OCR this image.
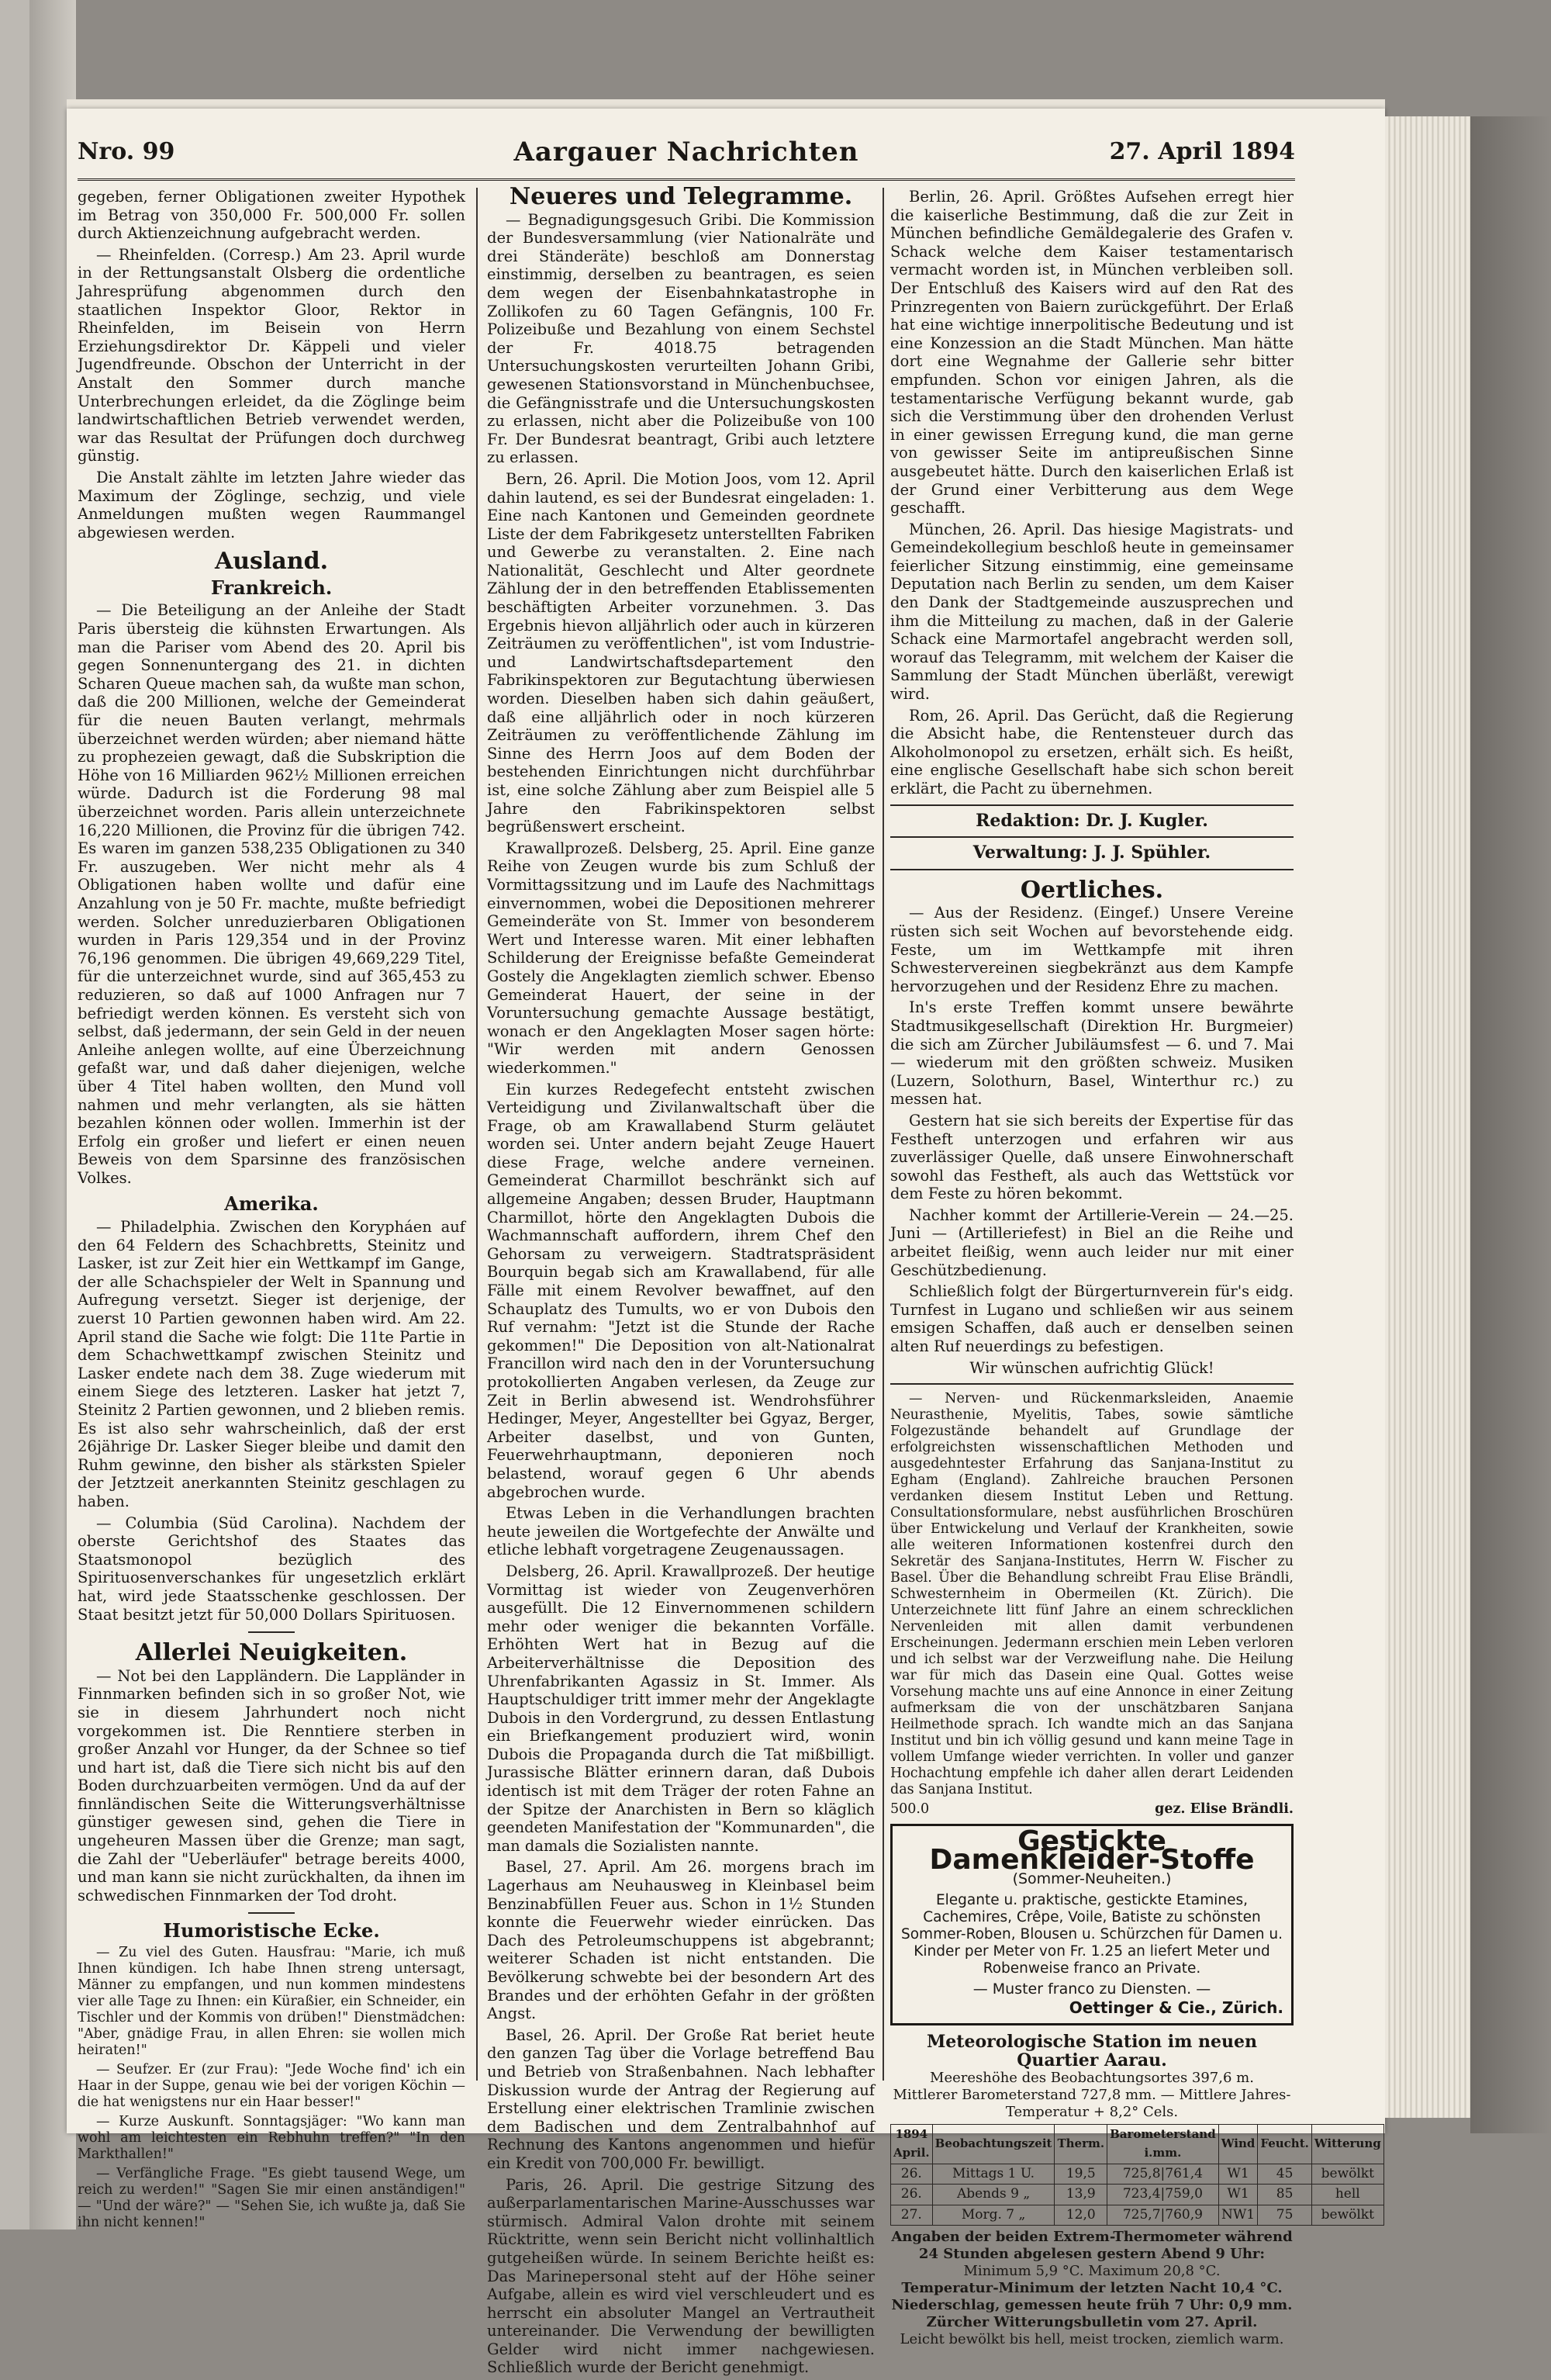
Nro. 99	Aargauer Nachrichten	27. April 1894

gegeben, ferner Obligationen zweiter Hypothek im Betrag von 350,000 Fr. 500,000 Fr. sollen durch Aktienzeichnung aufgebracht werden.

— Rheinfelden. (Corresp.) Am 23. April wurde in der Rettungsanstalt Olsberg die ordentliche Jahresprüfung abgenommen durch den staatlichen Inspektor Gloor, Rektor in Rheinfelden, im Beisein von Herrn Erziehungsdirektor Dr. Käppeli und vieler Jugendfreunde. Obschon der Unterricht in der Anstalt den Sommer durch manche Unterbrechungen erleidet, da die Zöglinge beim landwirtschaftlichen Betrieb verwendet werden, war das Resultat der Prüfungen doch durchweg günstig.

Die Anstalt zählte im letzten Jahre wieder das Maximum der Zöglinge, sechzig, und viele Anmeldungen mußten wegen Raummangel abgewiesen werden.

Ausland.
Frankreich.

— Die Beteiligung an der Anleihe der Stadt Paris übersteig die kühnsten Erwartungen. Als man die Pariser vom Abend des 20. April bis gegen Sonnenuntergang des 21. in dichten Scharen Queue machen sah, da wußte man schon, daß die 200 Millionen, welche der Gemeinderat für die neuen Bauten verlangt, mehrmals überzeichnet werden würden; aber niemand hätte zu prophezeien gewagt, daß die Subskription die Höhe von 16 Milliarden 962½ Millionen erreichen würde. Dadurch ist die Forderung 98 mal überzeichnet worden. Paris allein unterzeichnete 16,220 Millionen, die Provinz für die übrigen 742. Es waren im ganzen 538,235 Obligationen zu 340 Fr. auszugeben. Wer nicht mehr als 4 Obligationen haben wollte und dafür eine Anzahlung von je 50 Fr. machte, mußte befriedigt werden. Solcher unreduzierbaren Obligationen wurden in Paris 129,354 und in der Provinz 76,196 genommen. Die übrigen 49,669,229 Titel, für die unterzeichnet wurde, sind auf 365,453 zu reduzieren, so daß auf 1000 Anfragen nur 7 befriedigt werden können. Es versteht sich von selbst, daß jedermann, der sein Geld in der neuen Anleihe anlegen wollte, auf eine Überzeichnung gefaßt war, und daß daher diejenigen, welche über 4 Titel haben wollten, den Mund voll nahmen und mehr verlangten, als sie hätten bezahlen können oder wollen. Immerhin ist der Erfolg ein großer und liefert er einen neuen Beweis von dem Sparsinne des französischen Volkes.

Amerika.

— Philadelphia. Zwischen den Korypháen auf den 64 Feldern des Schachbretts, Steinitz und Lasker, ist zur Zeit hier ein Wettkampf im Gange, der alle Schachspieler der Welt in Spannung und Aufregung versetzt. Sieger ist derjenige, der zuerst 10 Partien gewonnen haben wird. Am 22. April stand die Sache wie folgt: Die 11te Partie in dem Schachwettkampf zwischen Steinitz und Lasker endete nach dem 38. Zuge wiederum mit einem Siege des letzteren. Lasker hat jetzt 7, Steinitz 2 Partien gewonnen, und 2 blieben remis. Es ist also sehr wahrscheinlich, daß der erst 26jährige Dr. Lasker Sieger bleibe und damit den Ruhm gewinne, den bisher als stärksten Spieler der Jetztzeit anerkannten Steinitz geschlagen zu haben.

— Columbia (Süd Carolina). Nachdem der oberste Gerichtshof des Staates das Staatsmonopol bezüglich des Spirituosenverschankes für ungesetzlich erklärt hat, wird jede Staatsschenke geschlossen. Der Staat besitzt jetzt für 50,000 Dollars Spirituosen.

Allerlei Neuigkeiten.

— Not bei den Lappländern. Die Lappländer in Finnmarken befinden sich in so großer Not, wie sie in diesem Jahrhundert noch nicht vorgekommen ist. Die Renntiere sterben in großer Anzahl vor Hunger, da der Schnee so tief und hart ist, daß die Tiere sich nicht bis auf den Boden durchzuarbeiten vermögen. Und da auf der finnländischen Seite die Witterungsverhältnisse günstiger gewesen sind, gehen die Tiere in ungeheuren Massen über die Grenze; man sagt, die Zahl der "Ueberläufer" betrage bereits 4000, und man kann sie nicht zurückhalten, da ihnen im schwedischen Finnmarken der Tod droht.

Humoristische Ecke.

— Zu viel des Guten. Hausfrau: "Marie, ich muß Ihnen kündigen. Ich habe Ihnen streng untersagt, Männer zu empfangen, und nun kommen mindestens vier alle Tage zu Ihnen: ein Küraßier, ein Schneider, ein Tischler und der Kommis von drüben!" Dienstmädchen: "Aber, gnädige Frau, in allen Ehren: sie wollen mich heiraten!"

— Seufzer. Er (zur Frau): "Jede Woche find' ich ein Haar in der Suppe, genau wie bei der vorigen Köchin — die hat wenigstens nur ein Haar besser!"

— Kurze Auskunft. Sonntagsjäger: "Wo kann man wohl am leichtesten ein Rebhuhn treffen?" "In den Markthallen!"

— Verfängliche Frage. "Es giebt tausend Wege, um reich zu werden!" "Sagen Sie mir einen anständigen!" — "Und der wäre?" — "Sehen Sie, ich wußte ja, daß Sie ihn nicht kennen!"

Neueres und Telegramme.

— Begnadigungsgesuch Gribi. Die Kommission der Bundesversammlung (vier Nationalräte und drei Ständeräte) beschloß am Donnerstag einstimmig, derselben zu beantragen, es seien dem wegen der Eisenbahnkatastrophe in Zollikofen zu 60 Tagen Gefängnis, 100 Fr. Polizeibuße und Bezahlung von einem Sechstel der Fr. 4018.75 betragenden Untersuchungskosten verurteilten Johann Gribi, gewesenen Stationsvorstand in Münchenbuchsee, die Gefängnisstrafe und die Untersuchungskosten zu erlassen, nicht aber die Polizeibuße von 100 Fr. Der Bundesrat beantragt, Gribi auch letztere zu erlassen.

Bern, 26. April. Die Motion Joos, vom 12. April dahin lautend, es sei der Bundesrat eingeladen: 1. Eine nach Kantonen und Gemeinden geordnete Liste der dem Fabrikgesetz unterstellten Fabriken und Gewerbe zu veranstalten. 2. Eine nach Nationalität, Geschlecht und Alter geordnete Zählung der in den betreffenden Etablissementen beschäftigten Arbeiter vorzunehmen. 3. Das Ergebnis hievon alljährlich oder auch in kürzeren Zeiträumen zu veröffentlichen", ist vom Industrie- und Landwirtschaftsdepartement den Fabrikinspektoren zur Begutachtung überwiesen worden. Dieselben haben sich dahin geäußert, daß eine alljährlich oder in noch kürzeren Zeiträumen zu veröffentlichende Zählung im Sinne des Herrn Joos auf dem Boden der bestehenden Einrichtungen nicht durchführbar ist, eine solche Zählung aber zum Beispiel alle 5 Jahre den Fabrikinspektoren selbst begrüßenswert erscheint.

Krawallprozeß. Delsberg, 25. April. Eine ganze Reihe von Zeugen wurde bis zum Schluß der Vormittagssitzung und im Laufe des Nachmittags einvernommen, wobei die Depositionen mehrerer Gemeinderäte von St. Immer von besonderem Wert und Interesse waren. Mit einer lebhaften Schilderung der Ereignisse befaßte Gemeinderat Gostely die Angeklagten ziemlich schwer. Ebenso Gemeinderat Hauert, der seine in der Voruntersuchung gemachte Aussage bestätigt, wonach er den Angeklagten Moser sagen hörte: "Wir werden mit andern Genossen wiederkommen."

Ein kurzes Redegefecht entsteht zwischen Verteidigung und Zivilanwaltschaft über die Frage, ob am Krawallabend Sturm geläutet worden sei. Unter andern bejaht Zeuge Hauert diese Frage, welche andere verneinen. Gemeinderat Charmillot beschränkt sich auf allgemeine Angaben; dessen Bruder, Hauptmann Charmillot, hörte den Angeklagten Dubois die Wachmannschaft auffordern, ihrem Chef den Gehorsam zu verweigern. Stadtratspräsident Bourquin begab sich am Krawallabend, für alle Fälle mit einem Revolver bewaffnet, auf den Schauplatz des Tumults, wo er von Dubois den Ruf vernahm: "Jetzt ist die Stunde der Rache gekommen!" Die Deposition von alt-Nationalrat Francillon wird nach den in der Voruntersuchung protokollierten Angaben verlesen, da Zeuge zur Zeit in Berlin abwesend ist. Wendrohsführer Hedinger, Meyer, Angestellter bei Ggyaz, Berger, Arbeiter daselbst, und von Gunten, Feuerwehrhauptmann, deponieren noch belastend, worauf gegen 6 Uhr abends abgebrochen wurde.

Etwas Leben in die Verhandlungen brachten heute jeweilen die Wortgefechte der Anwälte und etliche lebhaft vorgetragene Zeugenaussagen.

Delsberg, 26. April. Krawallprozeß. Der heutige Vormittag ist wieder von Zeugenverhören ausgefüllt. Die 12 Einvernommenen schildern mehr oder weniger die bekannten Vorfälle. Erhöhten Wert hat in Bezug auf die Arbeiterverhältnisse die Deposition des Uhrenfabrikanten Agassiz in St. Immer. Als Hauptschuldiger tritt immer mehr der Angeklagte Dubois in den Vordergrund, zu dessen Entlastung ein Briefkangement produziert wird, wonin Dubois die Propaganda durch die Tat mißbilligt. Jurassische Blätter erinnern daran, daß Dubois identisch ist mit dem Träger der roten Fahne an der Spitze der Anarchisten in Bern so kläglich geendeten Manifestation der "Kommunarden", die man damals die Sozialisten nannte.

Basel, 27. April. Am 26. morgens brach im Lagerhaus am Neuhausweg in Kleinbasel beim Benzinabfüllen Feuer aus. Schon in 1½ Stunden konnte die Feuerwehr wieder einrücken. Das Dach des Petroleumschuppens ist abgebrannt; weiterer Schaden ist nicht entstanden. Die Bevölkerung schwebte bei der besondern Art des Brandes und der erhöhten Gefahr in der größten Angst.

Basel, 26. April. Der Große Rat beriet heute den ganzen Tag über die Vorlage betreffend Bau und Betrieb von Straßenbahnen. Nach lebhafter Diskussion wurde der Antrag der Regierung auf Erstellung einer elektrischen Tramlinie zwischen dem Badischen und dem Zentralbahnhof auf Rechnung des Kantons angenommen und hiefür ein Kredit von 700,000 Fr. bewilligt.

Paris, 26. April. Die gestrige Sitzung des außerparlamentarischen Marine-Ausschusses war stürmisch. Admiral Valon drohte mit seinem Rücktritte, wenn sein Bericht nicht vollinhaltlich gutgeheißen würde. In seinem Berichte heißt es: Das Marinepersonal steht auf der Höhe seiner Aufgabe, allein es wird viel verschleudert und es herrscht ein absoluter Mangel an Vertrautheit untereinander. Die Verwendung der bewilligten Gelder wird nicht immer nachgewiesen. Schließlich wurde der Bericht genehmigt.

Berlin, 26. April. Größtes Aufsehen erregt hier die kaiserliche Bestimmung, daß die zur Zeit in München befindliche Gemäldegalerie des Grafen v. Schack welche dem Kaiser testamentarisch vermacht worden ist, in München verbleiben soll. Der Entschluß des Kaisers wird auf den Rat des Prinzregenten von Baiern zurückgeführt. Der Erlaß hat eine wichtige innerpolitische Bedeutung und ist eine Konzession an die Stadt München. Man hätte dort eine Wegnahme der Gallerie sehr bitter empfunden. Schon vor einigen Jahren, als die testamentarische Verfügung bekannt wurde, gab sich die Verstimmung über den drohenden Verlust in einer gewissen Erregung kund, die man gerne von gewisser Seite im antipreußischen Sinne ausgebeutet hätte. Durch den kaiserlichen Erlaß ist der Grund einer Verbitterung aus dem Wege geschafft.

München, 26. April. Das hiesige Magistrats- und Gemeindekollegium beschloß heute in gemeinsamer feierlicher Sitzung einstimmig, eine gemeinsame Deputation nach Berlin zu senden, um dem Kaiser den Dank der Stadtgemeinde auszusprechen und ihm die Mitteilung zu machen, daß in der Galerie Schack eine Marmortafel angebracht werden soll, worauf das Telegramm, mit welchem der Kaiser die Sammlung der Stadt München überläßt, verewigt wird.

Rom, 26. April. Das Gerücht, daß die Regierung die Absicht habe, die Rentensteuer durch das Alkoholmonopol zu ersetzen, erhält sich. Es heißt, eine englische Gesellschaft habe sich schon bereit erklärt, die Pacht zu übernehmen.

Redaktion: Dr. J. Kugler.
Verwaltung: J. J. Spühler.
Oertliches.

— Aus der Residenz. (Eingef.) Unsere Vereine rüsten sich seit Wochen auf bevorstehende eidg. Feste, um im Wettkampfe mit ihren Schwestervereinen siegbekränzt aus dem Kampfe hervorzugehen und der Residenz Ehre zu machen.

In's erste Treffen kommt unsere bewährte Stadtmusikgesellschaft (Direktion Hr. Burgmeier) die sich am Zürcher Jubiläumsfest — 6. und 7. Mai — wiederum mit den größten schweiz. Musiken (Luzern, Solothurn, Basel, Winterthur rc.) zu messen hat.

Gestern hat sie sich bereits der Expertise für das Festheft unterzogen und erfahren wir aus zuverlässiger Quelle, daß unsere Einwohnerschaft sowohl das Festheft, als auch das Wettstück vor dem Feste zu hören bekommt.

Nachher kommt der Artillerie-Verein — 24.—25. Juni — (Artilleriefest) in Biel an die Reihe und arbeitet fleißig, wenn auch leider nur mit einer Geschützbedienung.

Schließlich folgt der Bürgerturnverein für's eidg. Turnfest in Lugano und schließen wir aus seinem emsigen Schaffen, daß auch er denselben seinen alten Ruf neuerdings zu befestigen.

Wir wünschen aufrichtig Glück!

— Nerven- und Rückenmarksleiden, Anaemie Neurasthenie, Myelitis, Tabes, sowie sämtliche Folgezustände behandelt auf Grundlage der erfolgreichsten wissenschaftlichen Methoden und ausgedehntester Erfahrung das Sanjana-Institut zu Egham (England). Zahlreiche brauchen Personen verdanken diesem Institut Leben und Rettung. Consultationsformulare, nebst ausführlichen Broschüren über Entwickelung und Verlauf der Krankheiten, sowie alle weiteren Informationen kostenfrei durch den Sekretär des Sanjana-Institutes, Herrn W. Fischer zu Basel. Über die Behandlung schreibt Frau Elise Brändli, Schwesternheim in Obermeilen (Kt. Zürich). Die Unterzeichnete litt fünf Jahre an einem schrecklichen Nervenleiden mit allen damit verbundenen Erscheinungen. Jedermann erschien mein Leben verloren und ich selbst war der Verzweiflung nahe. Die Heilung war für mich das Dasein eine Qual. Gottes weise Vorsehung machte uns auf eine Annonce in einer Zeitung aufmerksam die von der unschätzbaren Sanjana Heilmethode sprach. Ich wandte mich an das Sanjana Institut und bin ich völlig gesund und kann meine Tage in vollem Umfange wieder verrichten. In voller und ganzer Hochachtung empfehle ich daher allen derart Leidenden das Sanjana Institut.

500.0	gez. Elise Brändli.
Gestickte Damenkleider-Stoffe
(Sommer-Neuheiten.)
Elegante u. praktische, gestickte Etamines, Cachemires, Crêpe, Voile, Batiste zu schönsten Sommer-Roben, Blousen u. Schürzchen für Damen u. Kinder per Meter von Fr. 1.25 an liefert Meter und Robenweise franco an Private.
— Muster franco zu Diensten. —
Oettinger & Cie., Zürich.
Meteorologische Station im neuen Quartier Aarau.
Meereshöhe des Beobachtungsortes 397,6 m.
Mittlerer Barometerstand 727,8 mm. — Mittlere Jahres-Temperatur + 8,2° Cels.
1894 April.	Beobachtungszeit	Therm.	Barometerstand i.mm.	Wind	Feucht.	Witterung
26.	Mittags 1 U.	19,5	725,8|761,4	W1	45	bewölkt
26.	Abends 9 „	13,9	723,4|759,0	W1	85	hell
27.	Morg. 7 „	12,0	725,7|760,9	NW1	75	bewölkt
Angaben der beiden Extrem-Thermometer während 24 Stunden abgelesen gestern Abend 9 Uhr:
Minimum 5,9 °C. Maximum 20,8 °C.
Temperatur-Minimum der letzten Nacht 10,4 °C.
Niederschlag, gemessen heute früh 7 Uhr: 0,9 mm.
Zürcher Witterungsbulletin vom 27. April.
Leicht bewölkt bis hell, meist trocken, ziemlich warm.
